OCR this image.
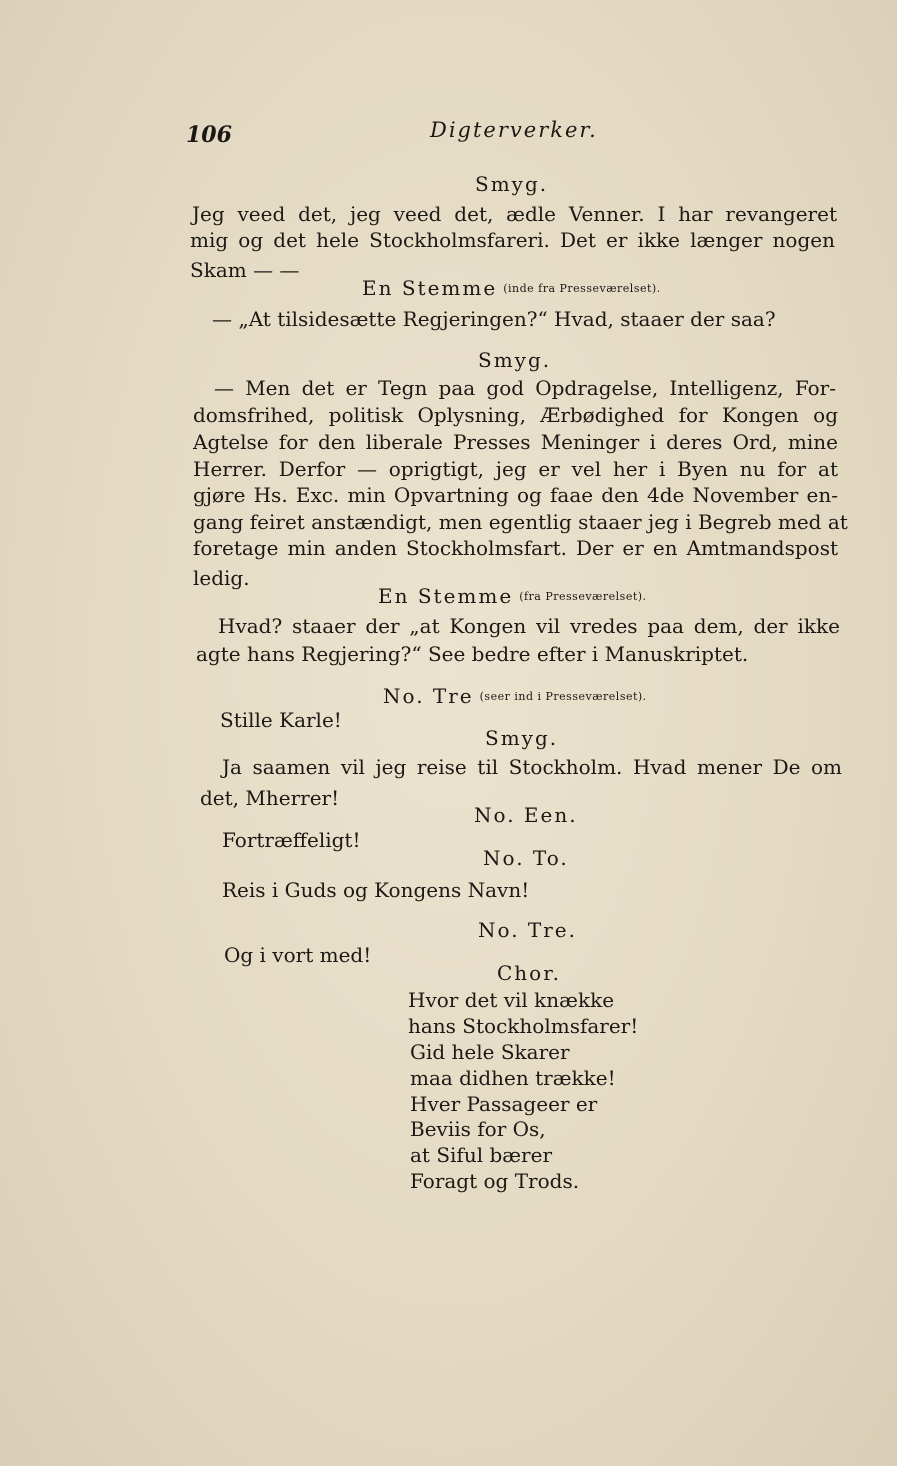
106	Digterverker.
Smyg.
Jeg veed det, jeg veed det, ædle Venner. I har revangeret
mig og det hele Stockholmsfareri. Det er ikke længer nogen
Skam — —
En Stemme (inde fra Presseværelset).
— „At tilsidesætte Regjeringen?“ Hvad, staaer der saa?
Smyg.
— Men det er Tegn paa god Opdragelse, Intelligenz, For-
domsfrihed, politisk Oplysning, Ærbødighed for Kongen og
Agtelse for den liberale Presses Meninger i deres Ord, mine
Herrer. Derfor — oprigtigt, jeg er vel her i Byen nu for at
gjøre Hs. Exc. min Opvartning og faae den 4de November en-
gang feiret anstændigt, men egentlig staaer jeg i Begreb med at
foretage min anden Stockholmsfart. Der er en Amtmandspost
ledig.
En Stemme (fra Presseværelset).
Hvad? staaer der „at Kongen vil vredes paa dem, der ikke
agte hans Regjering?“ See bedre efter i Manuskriptet.
No. Tre (seer ind i Presseværelset).
Stille Karle!
Smyg.
Ja saamen vil jeg reise til Stockholm. Hvad mener De om
det, Mherrer!
No. Een.
Fortræffeligt!
No. To.
Reis i Guds og Kongens Navn!
No. Tre.
Og i vort med!
Chor.
Hvor det vil knække
hans Stockholmsfarer!
Gid hele Skarer
maa didhen trække!
Hver Passageer er
Beviis for Os,
at Siful bærer
Foragt og Trods.
